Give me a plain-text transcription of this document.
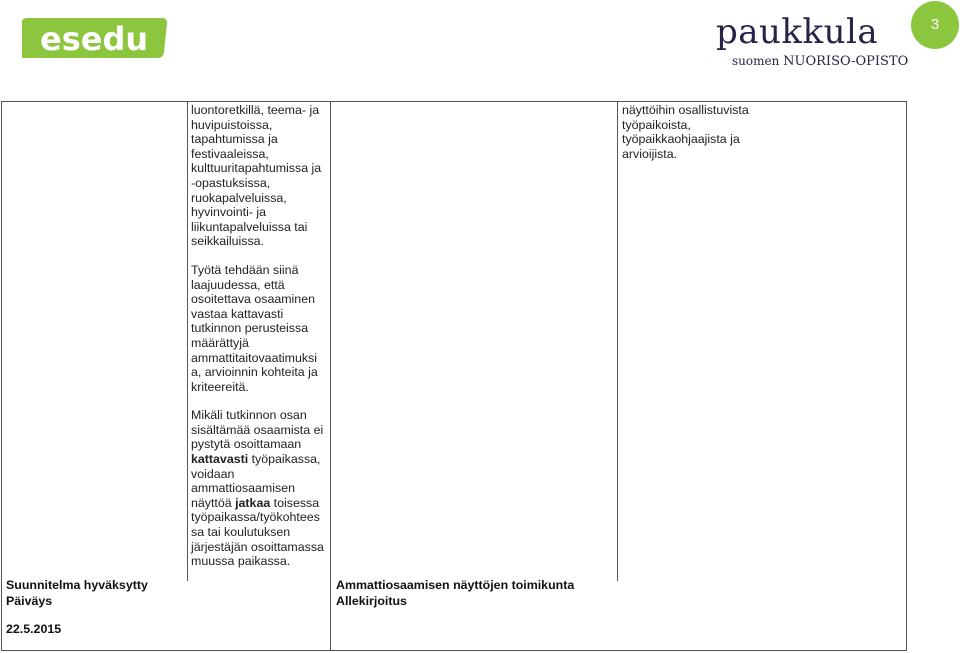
esedu	paukkula
suomen NUORISO-OPISTO
3

luontoretkillä, teema- ja huvipuistoissa, tapahtumissa ja festivaaleissa, kulttuuritapahtumissa ja -opastuksissa, ruokapalveluissa, hyvinvointi- ja liikuntapalveluissa tai seikkailuissa.

Työtä tehdään siinä laajuudessa, että osoitettava osaaminen vastaa kattavasti tutkinnon perusteissa määrättyjä ammattitaitovaatimuksi a, arvioinnin kohteita ja kriteereitä.

Mikäli tutkinnon osan sisältämää osaamista ei pystytä osoittamaan kattavasti työpaikassa, voidaan ammattiosaamisen näyttöä jatkaa toisessa työpaikassa/työkohtees sa tai koulutuksen järjestäjän osoittamassa muussa paikassa.

näyttöihin osallistuvista työpaikoista, työpaikkaohjaajista ja arvioijista.

Suunnitelma hyväksytty
Päiväys
22.5.2015
Ammattiosaamisen näyttöjen toimikunta
Allekirjoitus
